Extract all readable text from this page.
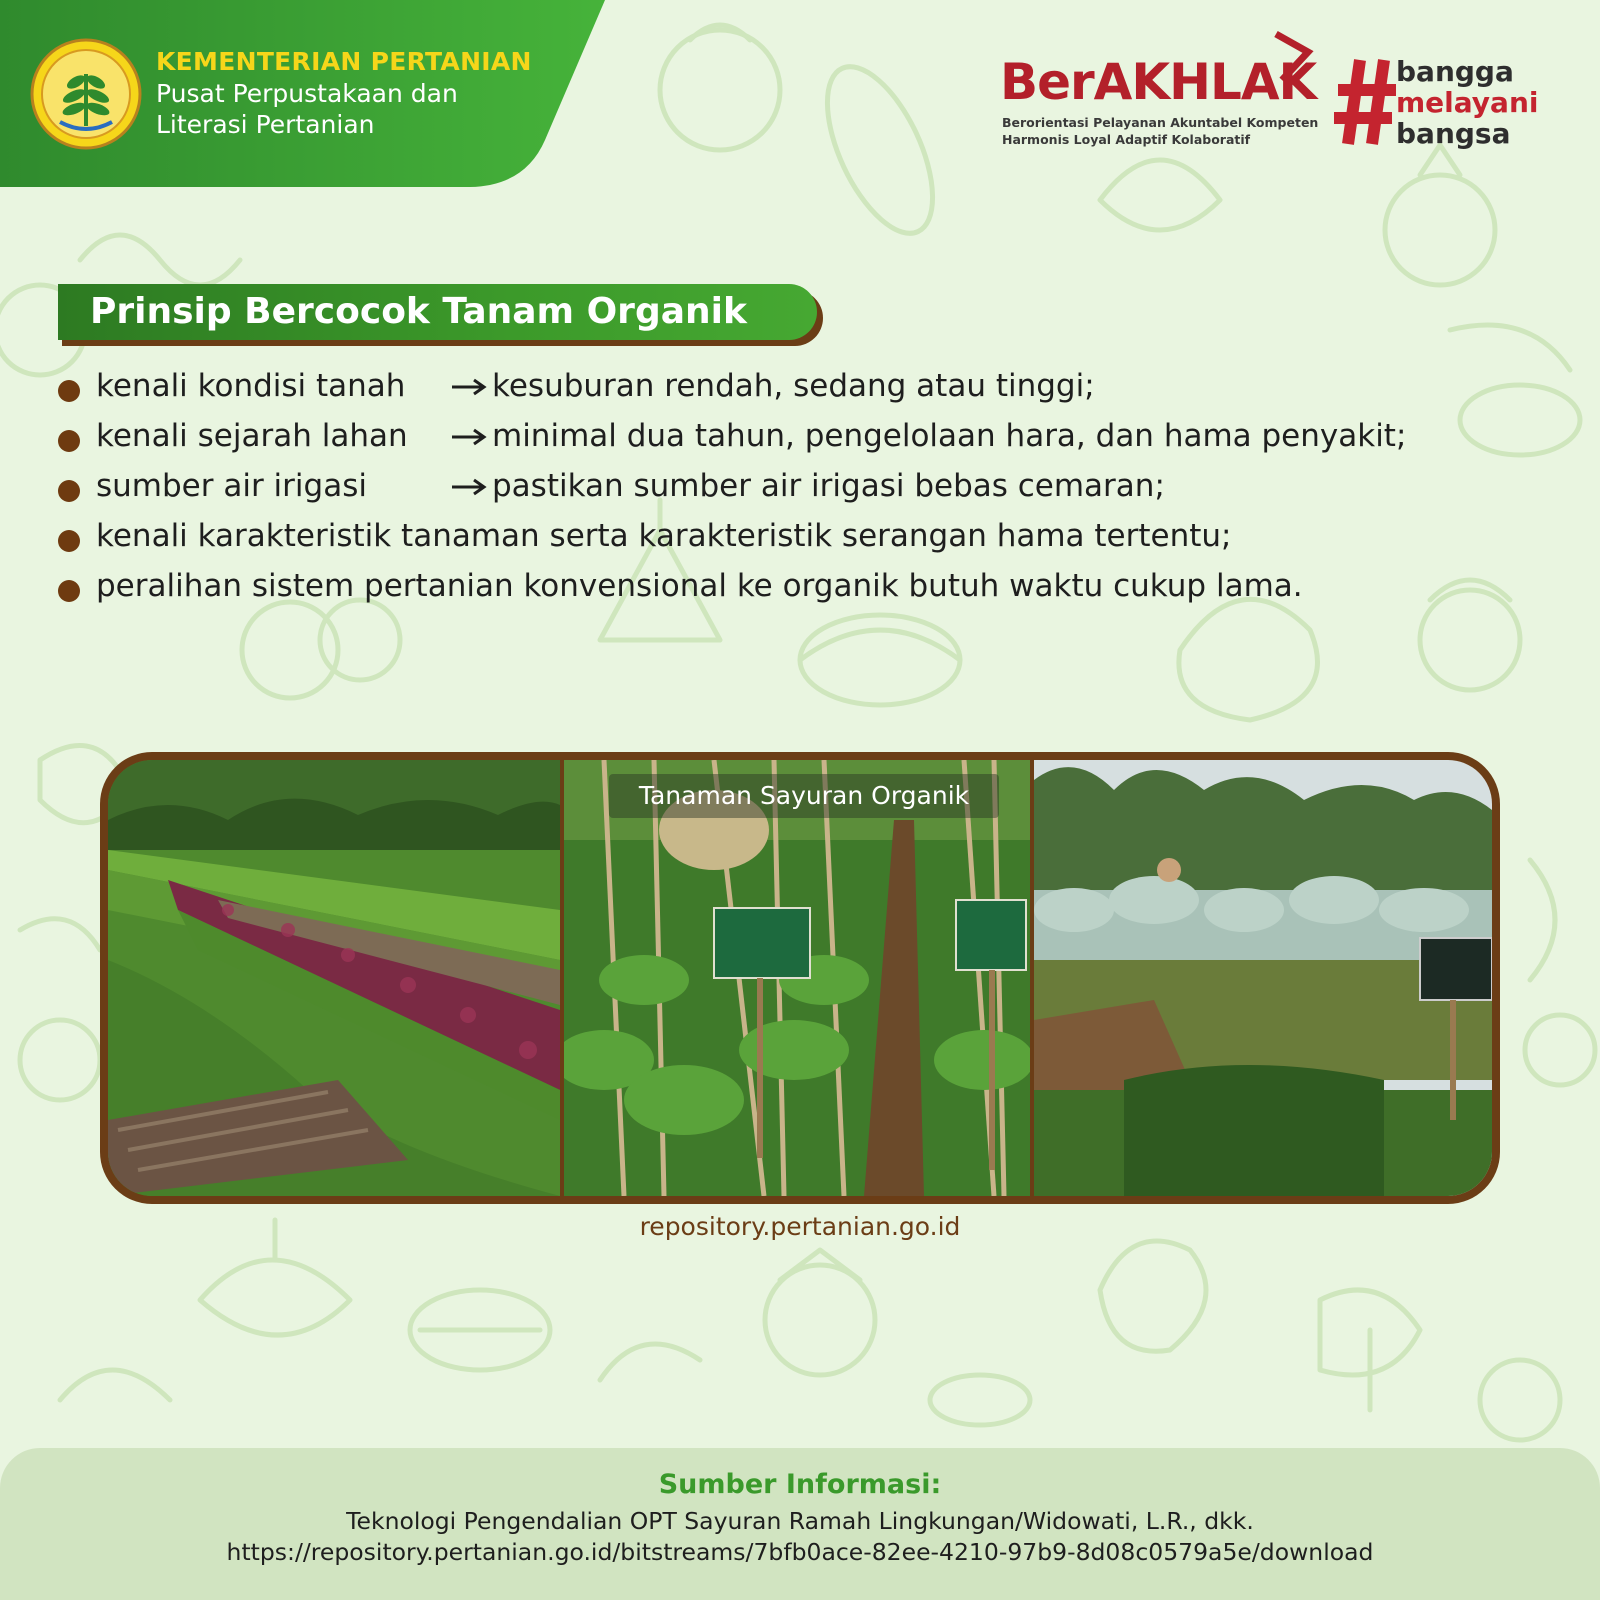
KEMENTERIAN PERTANIAN
Pusat Perpustakaan dan Literasi Pertanian
BerAKHLAK
Berorientasi Pelayanan Akuntabel Kompeten
Harmonis Loyal Adaptif Kolaboratif
bangga
melayani
bangsa
Prinsip Bercocok Tanam Organik
kenali kondisi tanah	kesuburan rendah, sedang atau tinggi;
kenali sejarah lahan	minimal dua tahun, pengelolaan hara, dan hama penyakit;
sumber air irigasi	pastikan sumber air irigasi bebas cemaran;
kenali karakteristik tanaman serta karakteristik serangan hama tertentu;
peralihan sistem pertanian konvensional ke organik butuh waktu cukup lama.
Tanaman Sayuran Organik
repository.pertanian.go.id
Sumber Informasi:
Teknologi Pengendalian OPT Sayuran Ramah Lingkungan/Widowati, L.R., dkk.
https://repository.pertanian.go.id/bitstreams/7bfb0ace-82ee-4210-97b9-8d08c0579a5e/download
